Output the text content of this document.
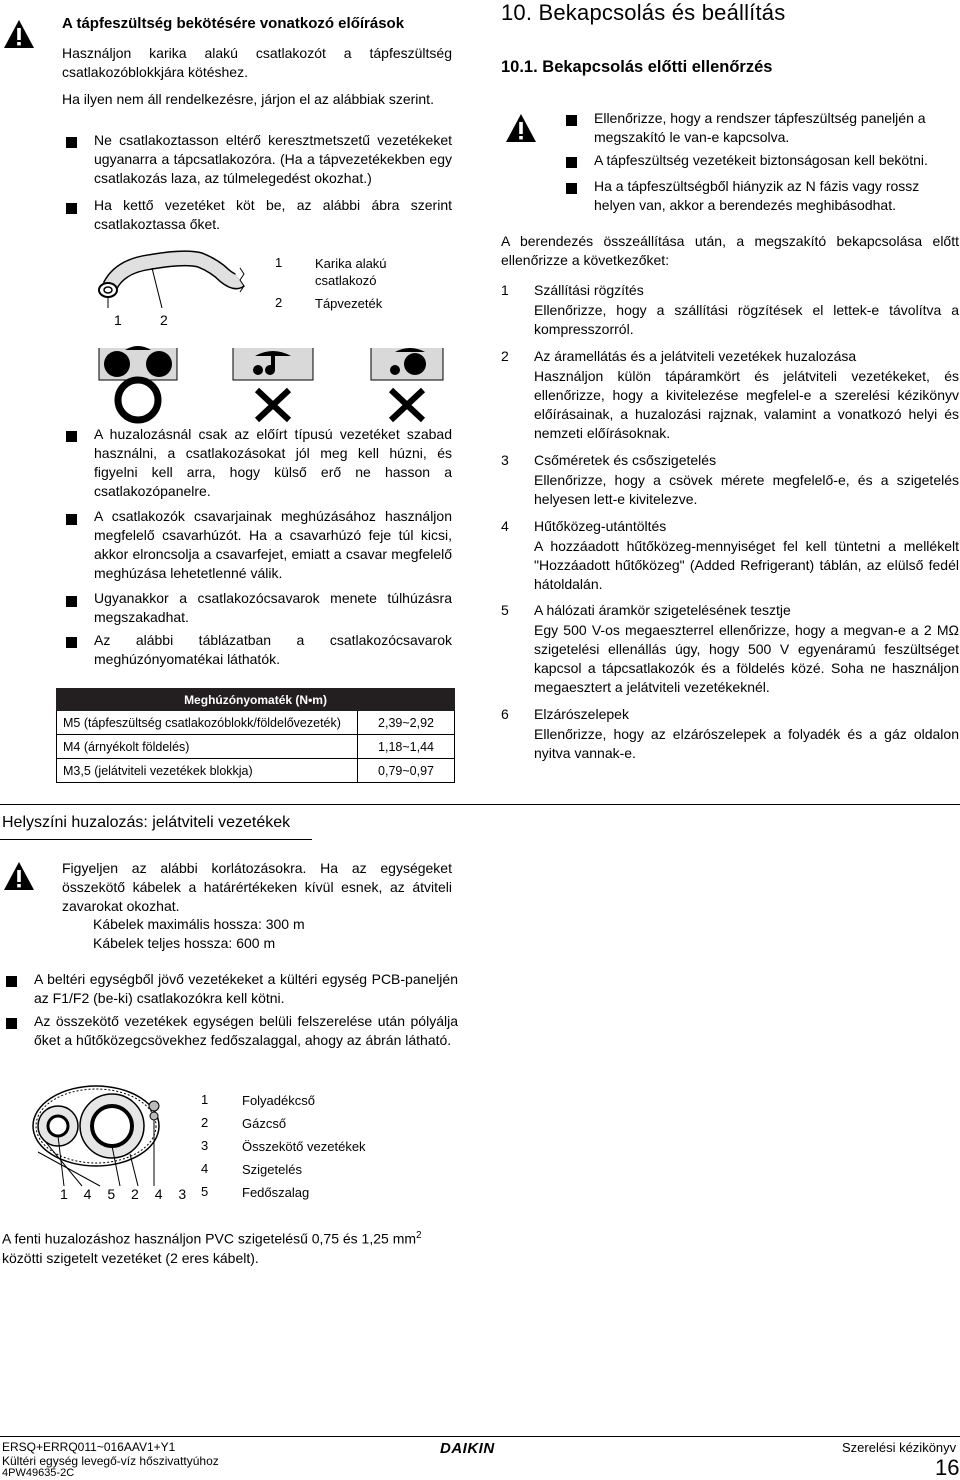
A tápfeszültség bekötésére vonatkozó előírások

Használjon karika alakú csatlakozót a tápfeszültség csatlakozóblokkjára kötéshez.

Ha ilyen nem áll rendelkezésre, járjon el az alábbiak szerint.

Ne csatlakoztasson eltérő keresztmetszetű vezetékeket ugyanarra a tápcsatlakozóra. (Ha a tápvezetékekben egy csatlakozás laza, az túlmelegedést okozhat.)

Ha kettő vezetéket köt be, az alábbi ábra szerint csatlakoztassa őket.

1	2
1	Karika alakú csatlakozó
2	Tápvezeték

A huzalozásnál csak az előírt típusú vezetéket szabad használni, a csatlakozásokat jól meg kell húzni, és figyelni kell arra, hogy külső erő ne hasson a csatlakozópanelre.

A csatlakozók csavarjainak meghúzásához használjon megfelelő csavarhúzót. Ha a csavarhúzó feje túl kicsi, akkor elroncsolja a csavarfejet, emiatt a csavar megfelelő meghúzása lehetetlenné válik.

Ugyanakkor a csatlakozócsavarok menete túlhúzásra megszakadhat.

Az alábbi táblázatban a csatlakozócsavarok meghúzónyomatékai láthatók.

Meghúzónyomaték (N•m)	
M5 (tápfeszültség csatlakozóblokk/földelővezeték)	2,39~2,92
M4 (árnyékolt földelés)	1,18~1,44
M3,5 (jelátviteli vezetékek blokkja)	0,79~0,97
10. Bekapcsolás és beállítás
10.1. Bekapcsolás előtti ellenőrzés

Ellenőrizze, hogy a rendszer tápfeszültség paneljén a megszakító le van-e kapcsolva.

A tápfeszültség vezetékeit biztonságosan kell bekötni.

Ha a tápfeszültségből hiányzik az N fázis vagy rossz helyen van, akkor a berendezés meghibásodhat.

A berendezés összeállítása után, a megszakító bekapcsolása előtt ellenőrizze a következőket:

1 Szállítási rögzítés

Ellenőrizze, hogy a szállítási rögzítések el lettek-e távolítva a kompresszorról.

2 Az áramellátás és a jelátviteli vezetékek huzalozása

Használjon külön tápáramkört és jelátviteli vezetékeket, és ellenőrizze, hogy a kivitelezése megfelel-e a szerelési kézikönyv előírásainak, a huzalozási rajznak, valamint a vonatkozó helyi és nemzeti előírásoknak.

3 Csőméretek és csőszigetelés

Ellenőrizze, hogy a csövek mérete megfelelő-e, és a szigetelés helyesen lett-e kivitelezve.

4 Hűtőközeg-utántöltés

A hozzáadott hűtőközeg-mennyiséget fel kell tüntetni a mellékelt "Hozzáadott hűtőközeg" (Added Refrigerant) táblán, az elülső fedél hátoldalán.

5 A hálózati áramkör szigetelésének tesztje

Egy 500 V-os megaeszterrel ellenőrizze, hogy a megvan-e a 2 MΩ szigetelési ellenállás úgy, hogy 500 V egyenáramú feszültséget kapcsol a tápcsatlakozók és a földelés közé. Soha ne használjon megaesztert a jelátviteli vezetékeknél.

6 Elzárószelepek

Ellenőrizze, hogy az elzárószelepek a folyadék és a gáz oldalon nyitva vannak-e.

Helyszíni huzalozás: jelátviteli vezetékek

Figyeljen az alábbi korlátozásokra. Ha az egységeket összekötő kábelek a határértékeken kívül esnek, az átviteli zavarokat okozhat.

Kábelek maximális hossza: 300 m

Kábelek teljes hossza: 600 m

A beltéri egységből jövő vezetékeket a kültéri egység PCB-paneljén az F1/F2 (be-ki) csatlakozókra kell kötni.

Az összekötő vezetékek egységen belüli felszerelése után pólyálja őket a hűtőközegcsövekhez fedőszalaggal, ahogy az ábrán látható.

1 4 5 2 4 3
1	Folyadékcső
2	Gázcső
3	Összekötő vezetékek
4	Szigetelés
5	Fedőszalag

A fenti huzalozáshoz használjon PVC szigetelésű 0,75 és 1,25 $mm^2$
közötti szigetelt vezetéket (2 eres kábelt).

ERSQ+ERRQ011~016AAV1+Y1
Kültéri egység levegő-víz hőszivattyúhoz
4PW49635-2C
DAIKIN	Szerelési kézikönyv
16
